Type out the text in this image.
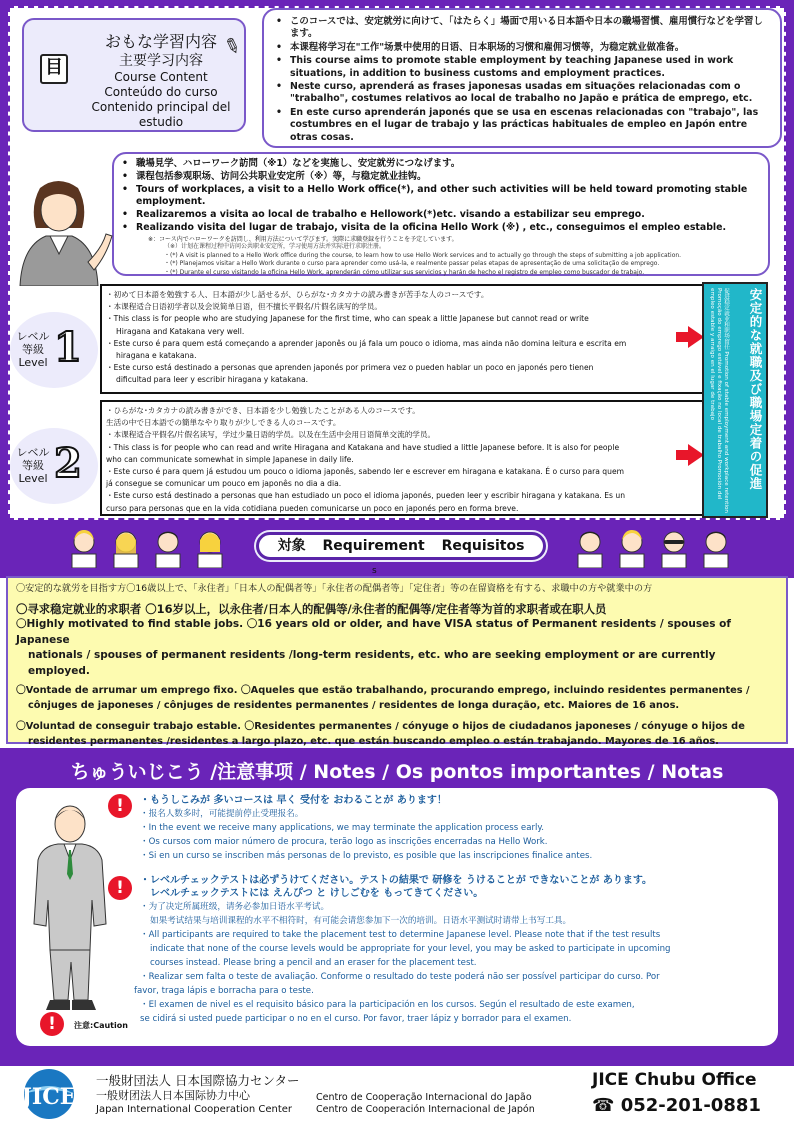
目
✎
おもな学習内容
主要学习内容
Course Content
Conteúdo do curso
Contenido principal del estudio
• このコースでは、安定就労に向けて、「はたらく」場面で用いる日本語や日本の職場習慣、雇用慣行などを学習します。
• 本课程将学习在"工作"场景中使用的日语、日本职场的习惯和雇佣习惯等，为稳定就业做准备。
• This course aims to promote stable employment by teaching Japanese used in work situations, in addition to business customs and employment practices.
• Neste curso, aprenderá as frases japonesas usadas em situações relacionadas com o "trabalho", costumes relativos ao local de trabalho no Japão e prática de emprego, etc.
• En este curso aprenderán japonés que se usa en escenas relacionadas con "trabajo", las costumbres en el lugar de trabajo y las prácticas habituales de empleo en Japón entre otras cosas.
• 職場見学、ハローワーク訪問（※1）などを実施し、安定就労につなげます。
• 课程包括参观职场、访问公共职业安定所（※）等，与稳定就业挂钩。
• Tours of workplaces, a visit to a Hello Work office(*), and other such activities will be held toward promoting stable employment.
• Realizaremos a visita ao local de trabalho e Hellowork(*)etc. visando a estabilizar seu emprego.
• Realizando visita del lugar de trabajo, visita de la oficina Hello Work (※) , etc., conseguimos el empleo estable.
※：コース内でハローワークを訪問し、利用方法について学びます。実際に求職登録を行うことを予定しています。
（※）计划在课程过程中访问公共职业安定所，学习使用方法并实际进行求职注册。
・(*) A visit is planned to a Hello Work office during the course, to learn how to use Hello Work services and to actually go through the steps of submitting a job application.
・(*) Planejamos visitar a Hello Work durante o curso para aprender como usá-la, e realmente passar pelas etapas de apresentação de uma solicitação de emprego.
・(*) Durante el curso visitando la oficina Hello Work, aprenderán cómo utilizar sus servicios y harán de hecho el registro de empleo como buscador de trabajo.
レベル
等級
Level 1

・初めて日本語を勉強する人、日本語が少し話せるが、ひらがな･カタカナの読み書きが苦手な人のコースです。

・本课程适合日语初学者以及会说简单日语，但不擅长平假名/片假名读写的学员。

・This class is for people who are studying Japanese for the first time, who can speak a little Japanese but cannot read or write

Hiragana and Katakana very well.

・Este curso é para quem está começando a aprender japonês ou já fala um pouco o idioma, mas ainda não domina leitura e escrita em

hiragana e katakana.

・Este curso está destinado a personas que aprenden japonés por primera vez o pueden hablar un poco en japonés pero tienen

dificultad para leer y escribir hiragana y katakana.

レベル
等級
Level 2

・ひらがな･カタカナの読み書きができ、日本語を少し勉強したことがある人のコースです。

生活の中で日本語での簡単なやり取りが少しできる人のコースです。

・本课程适合平假名/片假名读写，学过少量日语的学员。以及在生活中会用日语简单交流的学员。

・This class is for people who can read and write Hiragana and Katakana and have studied a little Japanese before. It is also for people

who can communicate somewhat in simple Japanese in daily life.

・Este curso é para quem já estudou um pouco o idioma japonês, sabendo ler e escrever em hiragana e katakana. É o curso para quem

já consegue se comunicar um pouco em japonês no dia a dia.

・Este curso está destinado a personas que han estudiado un poco el idioma japonés, pueden leer y escribir hiragana y katakana. Es un

curso para personas que en la vida cotidiana pueden comunicarse un poco en japonés pero en forma breve.

安定的な就職及び職場定着の促進
促进稳定就业和职场留任 Promotion of stable employment and workplace retention Promoção do emprego estável e fixação no local de trabalho Promoción del empleo estable y arraigo en el lugar de trabajo
対象 Requirement Requisitos
s

〇安定的な就労を目指す方〇16歳以上で、「永住者」「日本人の配偶者等」「永住者の配偶者等」「定住者」等の在留資格を有する、求職中の方や就業中の方

〇寻求稳定就业的求职者 〇16岁以上，以永住者/日本人的配偶等/永住者的配偶等/定住者等为首的求职者或在职人员

〇Highly motivated to find stable jobs. 〇16 years old or older, and have VISA status of Permanent residents / spouses of Japanese

nationals / spouses of permanent residents /long-term residents, etc. who are seeking employment or are currently employed.

〇Vontade de arrumar um emprego fixo. 〇Aqueles que estão trabalhando, procurando emprego, incluindo residentes permanentes /

cônjuges de japoneses / cônjuges de residentes permanentes / residentes de longa duração, etc. Maiores de 16 anos.

〇Voluntad de conseguir trabajo estable. 〇Residentes permanentes / cónyuge o hijos de ciudadanos japoneses / cónyuge o hijos de

residentes permanentes /residentes a largo plazo, etc. que están buscando empleo o están trabajando. Mayores de 16 años.

ちゅういじこう /注意事项 / Notes / Os pontos importantes / Notas
!
!
!	注意:Caution
・もうしこみが 多いコースは 早く 受付を おわることが あります！
・报名人数多时，可能提前停止受理报名。
・In the event we receive many applications, we may terminate the application process early.
・Os cursos com maior número de procura, terão logo as inscrições encerradas na Hello Work.
・Si en un curso se inscriben más personas de lo previsto, es posible que las inscripciones finalice antes.
・レベルチェックテストは必ずうけてください。テストの結果で 研修を うけることが できないことが あります。
レベルチェックテストには えんぴつ と けしごむを もってきてください。
・为了决定所属班级，请务必参加日语水平考试。
如果考试结果与培训课程的水平不相符时，有可能会请您参加下一次的培训。日语水平测试时请带上书写工具。
・All participants are required to take the placement test to determine Japanese level. Please note that if the test results
indicate that none of the course levels would be appropriate for your level, you may be asked to participate in upcoming
courses instead. Please bring a pencil and an eraser for the placement test.
・Realizar sem falta o teste de avaliação. Conforme o resultado do teste poderá não ser possível participar do curso. Por
favor, traga lápis e borracha para o teste.
・El examen de nivel es el requisito básico para la participación en los cursos. Según el resultado de este examen,
se cidirá si usted puede participar o no en el curso. Por favor, traer lápiz y borrador para el examen.
JICE
一般財団法人 日本国際協力センター
一般财团法人日本国际协力中心
Japan International Cooperation Center
Centro de Cooperação Internacional do Japão
Centro de Cooperación Internacional de Japón
JICE Chubu Office
☎ 052-201-0881
